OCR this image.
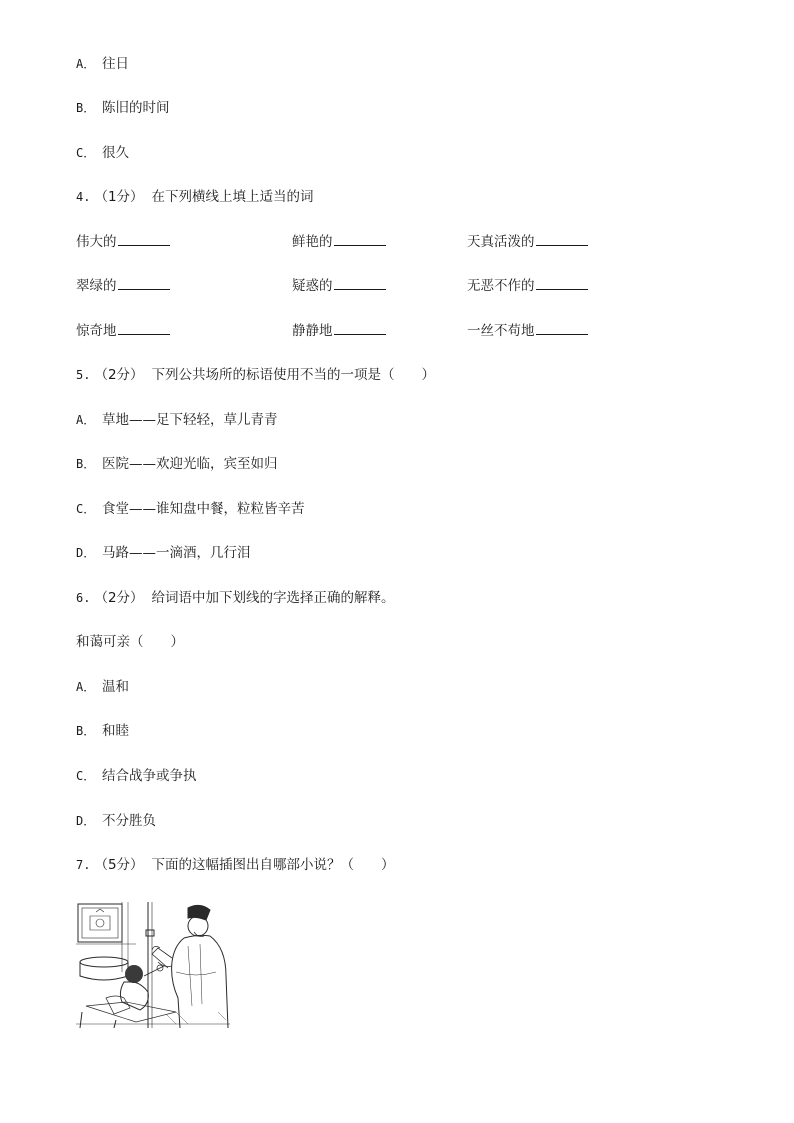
A． 往日
B． 陈旧的时间
C． 很久
4. （1分） 在下列横线上填上适当的词
伟大的	鲜艳的	天真活泼的
翠绿的	疑惑的	无恶不作的
惊奇地	静静地	一丝不苟地
5. （2分） 下列公共场所的标语使用不当的一项是（　　）
A． 草地——足下轻轻，草儿青青
B． 医院——欢迎光临，宾至如归
C． 食堂——谁知盘中餐，粒粒皆辛苦
D． 马路——一滴酒，几行泪
6. （2分） 给词语中加下划线的字选择正确的解释。
和蔼可亲（　　）
A． 温和
B． 和睦
C． 结合战争或争执
D． 不分胜负
7. （5分） 下面的这幅插图出自哪部小说？（　　）
